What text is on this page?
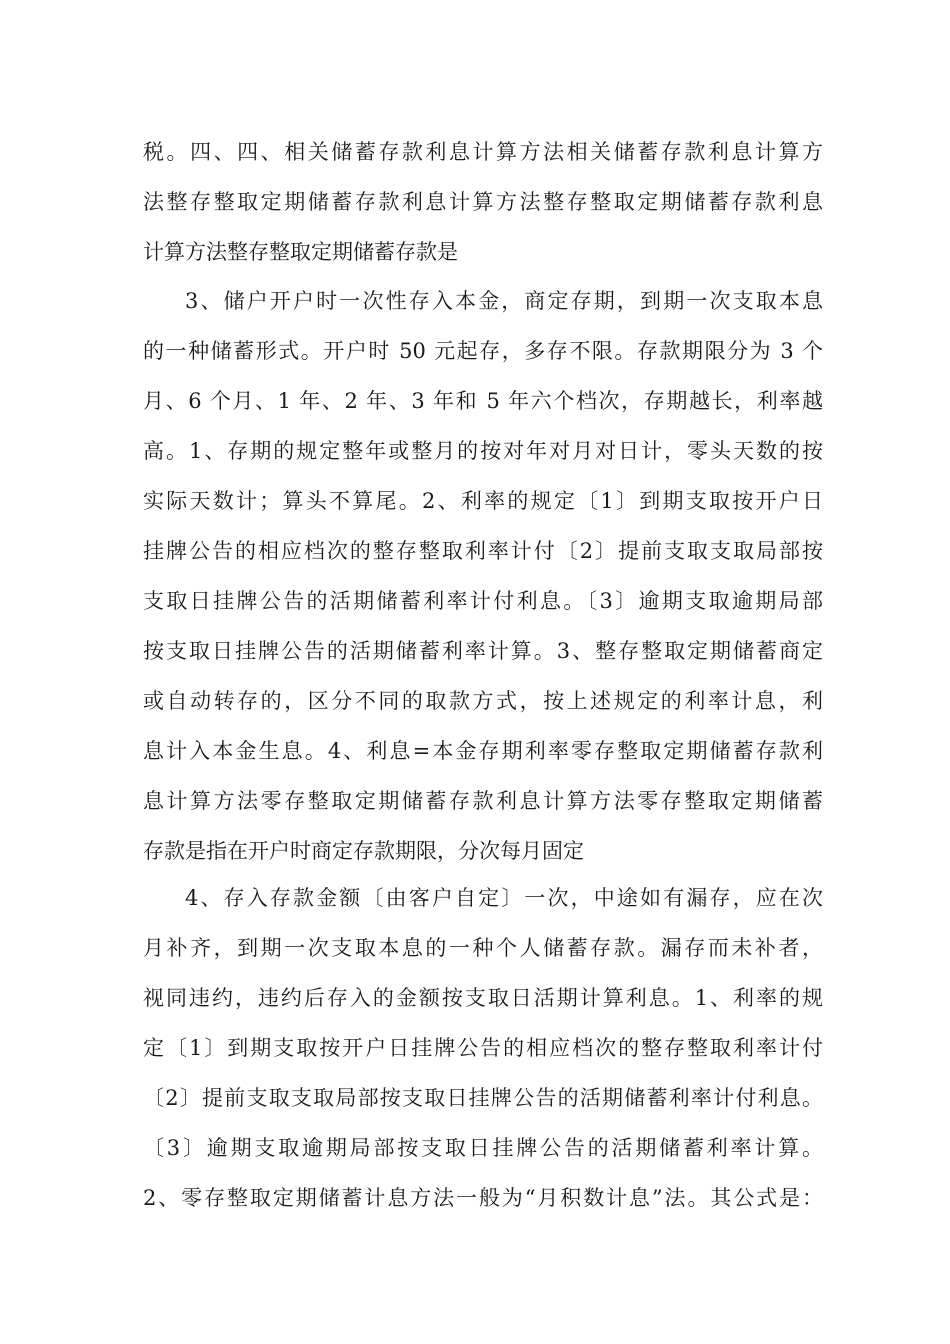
税。四、四、相关储蓄存款利息计算方法相关储蓄存款利息计算方
法整存整取定期储蓄存款利息计算方法整存整取定期储蓄存款利息
计算方法整存整取定期储蓄存款是
3、储户开户时一次性存入本金，商定存期，到期一次支取本息
的一种储蓄形式。开户时 50 元起存，多存不限。存款期限分为 3 个
月、6 个月、1 年、2 年、3 年和 5 年六个档次，存期越长，利率越
高。1、存期的规定整年或整月的按对年对月对日计，零头天数的按
实际天数计；算头不算尾。2、利率的规定〔1〕到期支取按开户日
挂牌公告的相应档次的整存整取利率计付〔2〕提前支取支取局部按
支取日挂牌公告的活期储蓄利率计付利息。〔3〕逾期支取逾期局部
按支取日挂牌公告的活期储蓄利率计算。3、整存整取定期储蓄商定
或自动转存的，区分不同的取款方式，按上述规定的利率计息，利
息计入本金生息。4、利息=本金存期利率零存整取定期储蓄存款利
息计算方法零存整取定期储蓄存款利息计算方法零存整取定期储蓄
存款是指在开户时商定存款期限，分次每月固定
4、存入存款金额〔由客户自定〕一次，中途如有漏存，应在次
月补齐，到期一次支取本息的一种个人储蓄存款。漏存而未补者，
视同违约，违约后存入的金额按支取日活期计算利息。1、利率的规
定〔1〕到期支取按开户日挂牌公告的相应档次的整存整取利率计付
〔2〕提前支取支取局部按支取日挂牌公告的活期储蓄利率计付利息。
〔3〕逾期支取逾期局部按支取日挂牌公告的活期储蓄利率计算。
2、零存整取定期储蓄计息方法一般为“月积数计息”法。其公式是：
